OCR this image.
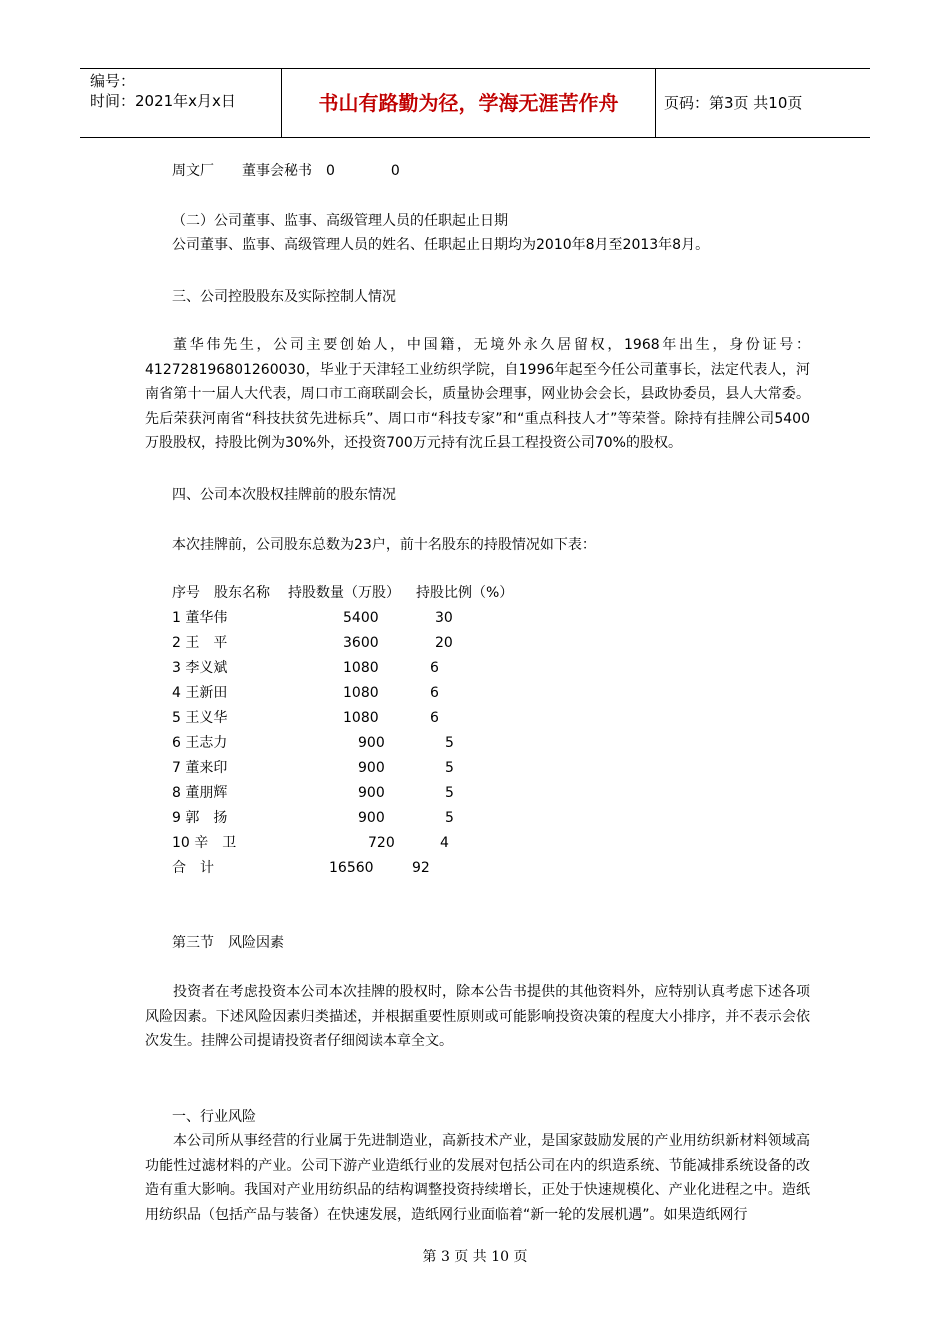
编号：
时间：2021年x月x日	书山有路勤为径，学海无涯苦作舟	页码：第3页 共10页
周文厂　　董事会秘书　0　　　　0
（二）公司董事、监事、高级管理人员的任职起止日期
公司董事、监事、高级管理人员的姓名、任职起止日期均为2010年8月至2013年8月。
三、公司控股股东及实际控制人情况
董华伟先生，公司主要创始人，中国籍，无境外永久居留权，1968年出生，身份证号：412728196801260030，毕业于天津轻工业纺织学院，自1996年起至今任公司董事长，法定代表人，河南省第十一届人大代表，周口市工商联副会长，质量协会理事，网业协会会长，县政协委员，县人大常委。先后荣获河南省“科技扶贫先进标兵”、周口市“科技专家”和“重点科技人才”等荣誉。除持有挂牌公司5400万股股权，持股比例为30%外，还投资700万元持有沈丘县工程投资公司70%的股权。
四、公司本次股权挂牌前的股东情况
本次挂牌前，公司股东总数为23户，前十名股东的持股情况如下表：
序号　股东名称 持股数量（万股） 持股比例（%）
1 董华伟	5400	30
2 王　平	3600	20
3 李义斌	1080	6
4 王新田	1080	6
5 王义华	1080	6
6 王志力	900	5
7 董来印	900	5
8 董朋辉	900	5
9 郭　扬	900	5
10 辛　卫	720	4
合　计	16560	92
第三节　风险因素
投资者在考虑投资本公司本次挂牌的股权时，除本公告书提供的其他资料外，应特别认真考虑下述各项风险因素。下述风险因素归类描述，并根据重要性原则或可能影响投资决策的程度大小排序，并不表示会依次发生。挂牌公司提请投资者仔细阅读本章全文。
一、行业风险
本公司所从事经营的行业属于先进制造业，高新技术产业，是国家鼓励发展的产业用纺织新材料领域高功能性过滤材料的产业。公司下游产业造纸行业的发展对包括公司在内的织造系统、节能减排系统设备的改造有重大影响。我国对产业用纺织品的结构调整投资持续增长，正处于快速规模化、产业化进程之中。造纸用纺织品（包括产品与装备）在快速发展，造纸网行业面临着“新一轮的发展机遇”。如果造纸网行
第 3 页 共 10 页
